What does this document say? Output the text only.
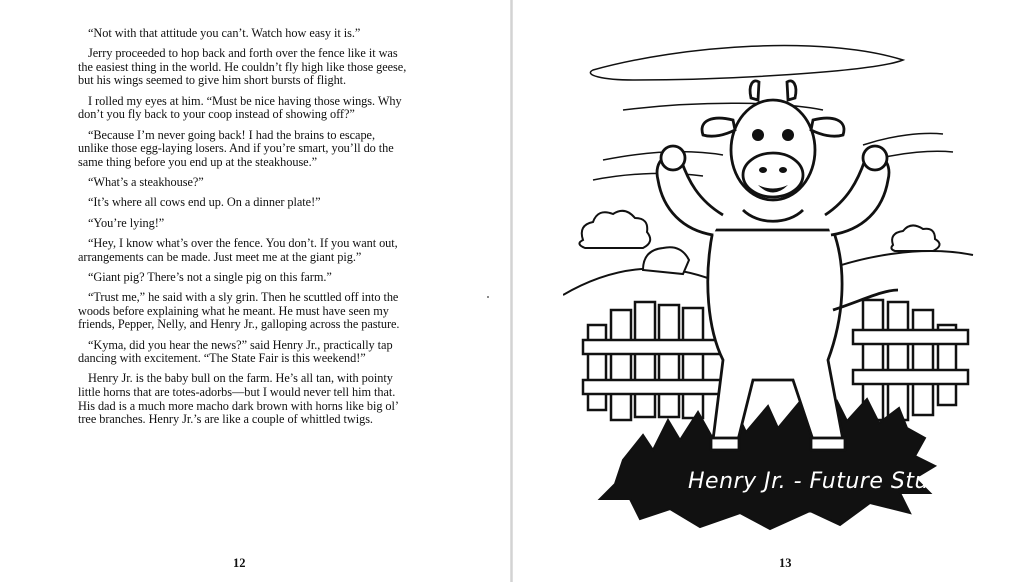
“Not with that attitude you can’t. Watch how easy it is.”

Jerry proceeded to hop back and forth over the fence like it was the easiest thing in the world. He couldn’t fly high like those geese, but his wings seemed to give him short bursts of flight.

I rolled my eyes at him. “Must be nice having those wings. Why don’t you fly back to your coop instead of showing off?”

“Because I’m never going back! I had the brains to escape, unlike those egg-laying losers. And if you’re smart, you’ll do the same thing before you end up at the steakhouse.”

“What’s a steakhouse?”

“It’s where all cows end up. On a dinner plate!”

“You’re lying!”

“Hey, I know what’s over the fence. You don’t. If you want out, arrangements can be made. Just meet me at the giant pig.”

“Giant pig? There’s not a single pig on this farm.”

“Trust me,” he said with a sly grin. Then he scuttled off into the woods before explaining what he meant. He must have seen my friends, Pepper, Nelly, and Henry Jr., galloping across the pasture.

“Kyma, did you hear the news?” said Henry Jr., practically tap dancing with excitement. “The State Fair is this weekend!”

Henry Jr. is the baby bull on the farm. He’s all tan, with pointy little horns that are totes-adorbs—but I would never tell him that. His dad is a much more macho dark brown with horns like big ol’ tree branches. Henry Jr.’s are like a couple of whittled twigs.

12
Henry Jr. - Future Stud !
13
